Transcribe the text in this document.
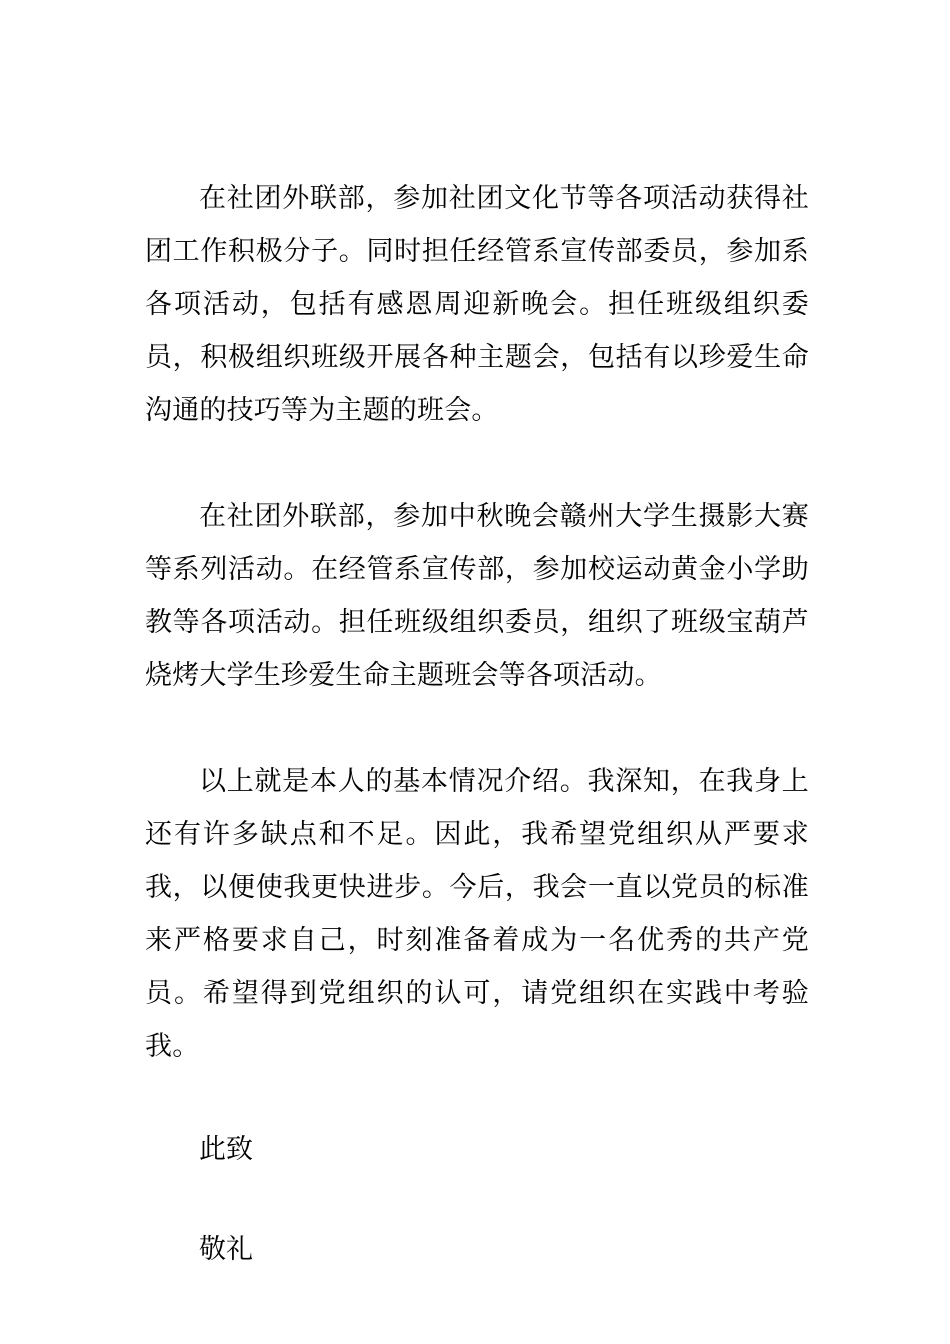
在社团外联部，参加社团文化节等各项活动获得社团工作积极分子。同时担任经管系宣传部委员，参加系各项活动，包括有感恩周迎新晚会。担任班级组织委员，积极组织班级开展各种主题会，包括有以珍爱生命沟通的技巧等为主题的班会。

在社团外联部，参加中秋晚会赣州大学生摄影大赛等系列活动。在经管系宣传部，参加校运动黄金小学助教等各项活动。担任班级组织委员，组织了班级宝葫芦烧烤大学生珍爱生命主题班会等各项活动。

以上就是本人的基本情况介绍。我深知，在我身上还有许多缺点和不足。因此，我希望党组织从严要求我，以便使我更快进步。今后，我会一直以党员的标准来严格要求自己，时刻准备着成为一名优秀的共产党员。希望得到党组织的认可，请党组织在实践中考验我。

此致

敬礼
